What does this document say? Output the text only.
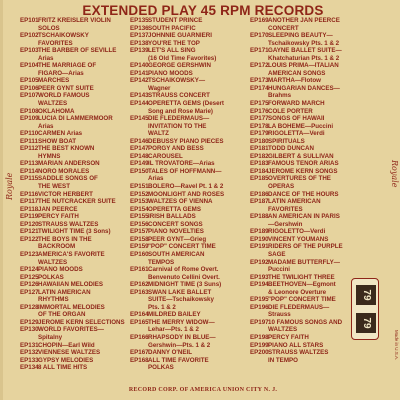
EXTENDED PLAY 45 RPM RECORDS
Royale	Royale
EP101 FRITZ KREISLER VIOLIN
SOLOS
EP102 TSCHAIKOWSKY
FAVORITES
EP103 THE BARBER OF SEVILLE
Arias
EP104 THE MARRIAGE OF
FIGARO—Arias
EP105 MARCHES
EP106 PEER GYNT SUITE
EP107 WORLD FAMOUS
WALTZES
EP108 OKLAHOMA
EP109 LUCIA DI LAMMERMOOR
Arias
EP110 CARMEN Arias
EP111 SHOW BOAT
EP112 THE BEST KNOWN
HYMNS
EP113 MARIAN ANDERSON
EP114 NORO MORALES
EP115 SADDLE SONGS OF
THE WEST
EP116 VICTOR HERBERT
EP117 THE NUTCRACKER SUITE
EP118 JAN PEERCE
EP119 PERCY FAITH
EP120 STRAUSS WALTZES
EP121 TWILIGHT TIME (3 Sons)
EP122 THE BOYS IN THE
BACKROOM
EP123 AMERICA'S FAVORITE
WALTZES
EP124 PIANO MOODS
EP125 POLKAS
EP126 HAWAIIAN MELODIES
EP127 LATIN AMERICAN
RHYTHMS
EP128 IMMORTAL MELODIES
OF THE ORGAN
EP129 JEROME KERN SELECTIONS
EP130 WORLD FAVORITES—
Spitalny
EP131 CHOPIN—Earl Wild
EP132 VIENNESE WALTZES
EP133 GYPSY MELODIES
EP134 8 ALL TIME HITS
EP135 STUDENT PRINCE
EP136 SOUTH PACIFIC
EP137 JOHNNIE GUARNIERI
EP138 YOU'RE THE TOP
EP139 LET'S ALL SING
(16 Old Time Favorites)
EP140 GEORGE GERSHWIN
EP141 PIANO MOODS
EP142 TSCHAIKOWSKY—
Wagner
EP143 STRAUSS CONCERT
EP144 OPERETTA GEMS (Desert
Song and Rose Marie)
EP145 DIE FLEDERMAUS—
INVITATION TO THE
WALTZ
EP146 DEBUSSY PIANO PIECES
EP147 PORGY AND BESS
EP148 CAROUSEL
EP149 IL TROVATORE—Arias
EP150 TALES OF HOFFMANN—
Arias
EP151 BOLERO—Ravel Pt. 1 & 2
EP152 MOONLIGHT AND ROSES
EP153 WALTZES OF VIENNA
EP154 OPERETTA GEMS
EP155 IRISH BALLADS
EP156 CONCERT SONGS
EP157 PIANO NOVELTIES
EP158 PEER GYNT—Grieg
EP159 "POP" CONCERT TIME
EP160 SOUTH AMERICAN
TEMPOS
EP161 Carnival of Rome Overt.
Benvenuto Cellini Overt.
EP162 MIDNIGHT TIME (3 Suns)
EP163 SWAN LAKE BALLET
SUITE—Tschaikowsky
Pts. 1 & 2
EP164 MILDRED BAILEY
EP165 THE MERRY WIDOW—
Lehar—Pts. 1 & 2
EP166 RHAPSODY IN BLUE—
Gershwin—Pts. 1 & 2
EP167 DANNY O'NEIL
EP168 ALL TIME FAVORITE
POLKAS
EP169 ANOTHER JAN PEERCE
CONCERT
EP170 SLEEPING BEAUTY—
Tschaikowsky Pts. 1 & 2
EP171 GAYNE BALLET SUITE—
Khatchaturian Pts. 1 & 2
EP172 LOUIS PRIMA—ITALIAN
AMERICAN SONGS
EP173 MARTHA—Flotow
EP174 HUNGARIAN DANCES—
Brahms
EP175 FORWARD MARCH
EP176 COLE PORTER
EP177 SONGS OF HAWAII
EP178 LA BOHEME—Puccini
EP179 RIGOLETTA—Verdi
EP180 SPIRITUALS
EP181 TODD DUNCAN
EP182 GILBERT & SULLIVAN
EP183 FAMOUS TENOR ARIAS
EP184 JEROME KERN SONGS
EP185 OVERTURES OF THE
OPERAS
EP186 DANCE OF THE HOURS
EP187 LATIN AMERICAN
FAVORITES
EP188 AN AMERICAN IN PARIS
—Gershwin
EP189 RIGOLETTO—Verdi
EP190 VINCENT YOUMANS
EP191 RIDERS OF THE PURPLE
SAGE
EP192 MADAME BUTTERFLY—
Puccini
EP193 THE TWILIGHT THREE
EP194 BEETHOVEN—Egmont
& Leonore Overture
EP195 "POP" CONCERT TIME
EP196 DIE FLEDERMAUS—
Strauss
EP197 10 FAMOUS SONGS AND
WALTZES
EP198 PERCY FAITH
EP199 PIANO ALL STARS
EP200 STRAUSS WALTZES
IN TEMPO
79
79
Made in U.S.A.
RECORD CORP. OF AMERICA UNION CITY N. J.
